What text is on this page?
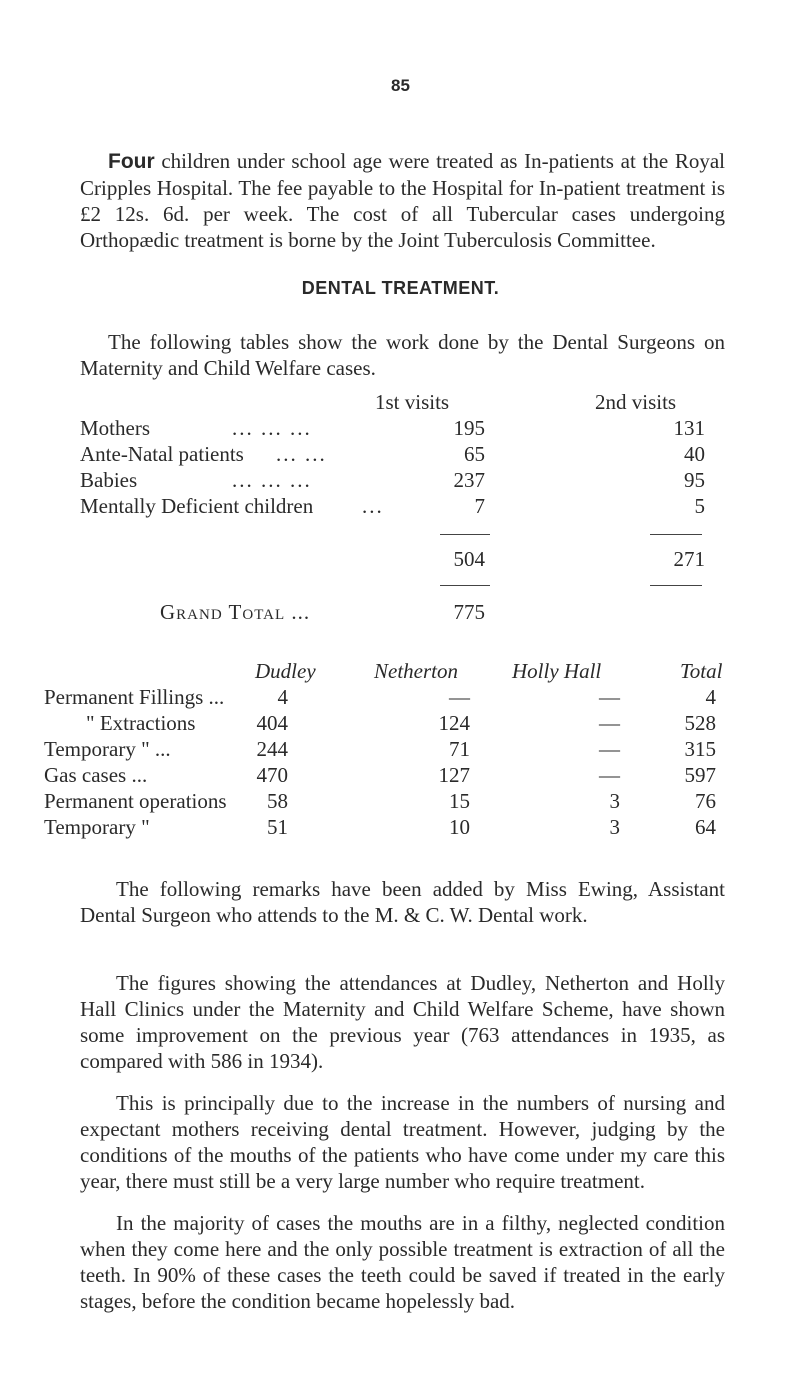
85

Four children under school age were treated as In-patients at the Royal Cripples Hospital. The fee payable to the Hospital for In-patient treatment is £2 12s. 6d. per week. The cost of all Tubercular cases undergoing Orthopædic treatment is borne by the Joint Tuberculosis Committee.

DENTAL TREATMENT.

The following tables show the work done by the Dental Surgeons on Maternity and Child Welfare cases.

1st visits	2nd visits
Mothers	... ... ...	195	131
Ante-Natal patients ... ...	65	40
Babies	... ... ...	237	95
Mentally Deficient children ...	7	5
504	271
Grand Total ...	775
Dudley	Netherton	Holly Hall	Total
Permanent Fillings ...	4	—	—	4
" Extractions	404	124	—	528
Temporary " ...	244	71	—	315
Gas cases ...	470	127	—	597
Permanent operations	58	15	3	76
Temporary "	51	10	3	64

The following remarks have been added by Miss Ewing, Assistant Dental Surgeon who attends to the M. & C. W. Dental work.

The figures showing the attendances at Dudley, Netherton and Holly Hall Clinics under the Maternity and Child Welfare Scheme, have shown some improvement on the previous year (763 attendances in 1935, as compared with 586 in 1934).

This is principally due to the increase in the numbers of nursing and expectant mothers receiving dental treatment. However, judging by the conditions of the mouths of the patients who have come under my care this year, there must still be a very large number who require treatment.

In the majority of cases the mouths are in a filthy, neglected condition when they come here and the only possible treatment is extraction of all the teeth. In 90% of these cases the teeth could be saved if treated in the early stages, before the condition became hopelessly bad.
